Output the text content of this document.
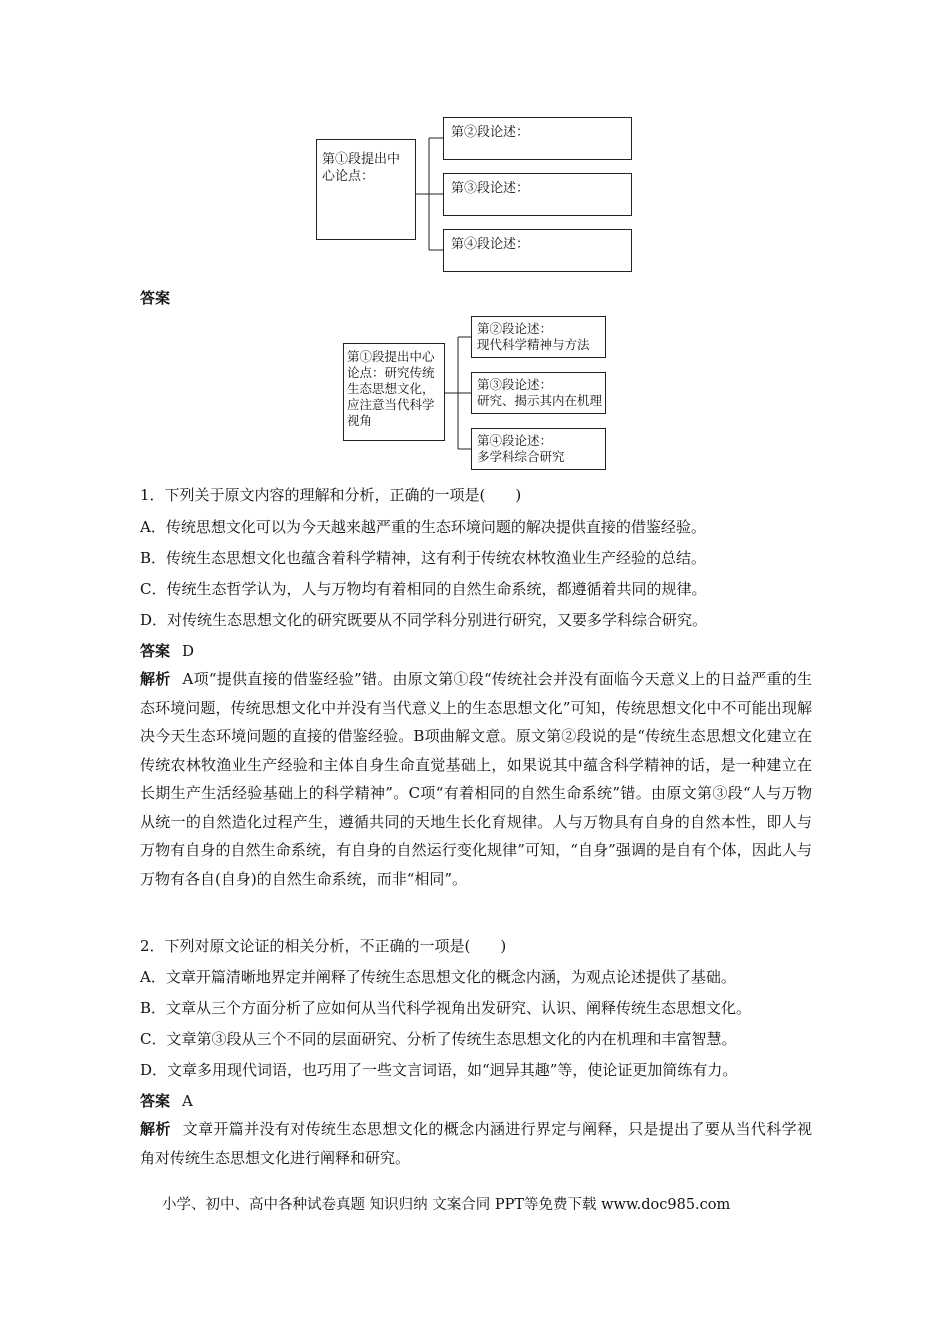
第①段提出中心论点：
第②段论述：
第③段论述：
第④段论述：
答案
第①段提出中心论点：研究传统生态思想文化，应注意当代科学视角
第②段论述：
现代科学精神与方法
第③段论述：
研究、揭示其内在机理
第④段论述：
多学科综合研究
1．下列关于原文内容的理解和分析，正确的一项是(　　)
A．传统思想文化可以为今天越来越严重的生态环境问题的解决提供直接的借鉴经验。
B．传统生态思想文化也蕴含着科学精神，这有利于传统农林牧渔业生产经验的总结。
C．传统生态哲学认为，人与万物均有着相同的自然生命系统，都遵循着共同的规律。
D．对传统生态思想文化的研究既要从不同学科分别进行研究，又要多学科综合研究。
答案 D
解析 A项“提供直接的借鉴经验”错。由原文第①段“传统社会并没有面临今天意义上的日益严重的生态环境问题，传统思想文化中并没有当代意义上的生态思想文化”可知，传统思想文化中不可能出现解决今天生态环境问题的直接的借鉴经验。B项曲解文意。原文第②段说的是“传统生态思想文化建立在传统农林牧渔业生产经验和主体自身生命直觉基础上，如果说其中蕴含科学精神的话，是一种建立在长期生产生活经验基础上的科学精神”。C项“有着相同的自然生命系统”错。由原文第③段“人与万物从统一的自然造化过程产生，遵循共同的天地生长化育规律。人与万物具有自身的自然本性，即人与万物有自身的自然生命系统，有自身的自然运行变化规律”可知，“自身”强调的是自有个体，因此人与万物有各自(自身)的自然生命系统，而非“相同”。
2．下列对原文论证的相关分析，不正确的一项是(　　)
A．文章开篇清晰地界定并阐释了传统生态思想文化的概念内涵，为观点论述提供了基础。
B．文章从三个方面分析了应如何从当代科学视角出发研究、认识、阐释传统生态思想文化。
C．文章第③段从三个不同的层面研究、分析了传统生态思想文化的内在机理和丰富智慧。
D．文章多用现代词语，也巧用了一些文言词语，如“迥异其趣”等，使论证更加简练有力。
答案 A
解析 文章开篇并没有对传统生态思想文化的概念内涵进行界定与阐释，只是提出了要从当代科学视角对传统生态思想文化进行阐释和研究。
小学、初中、高中各种试卷真题 知识归纳 文案合同 PPT等免费下载 www.doc985.com
